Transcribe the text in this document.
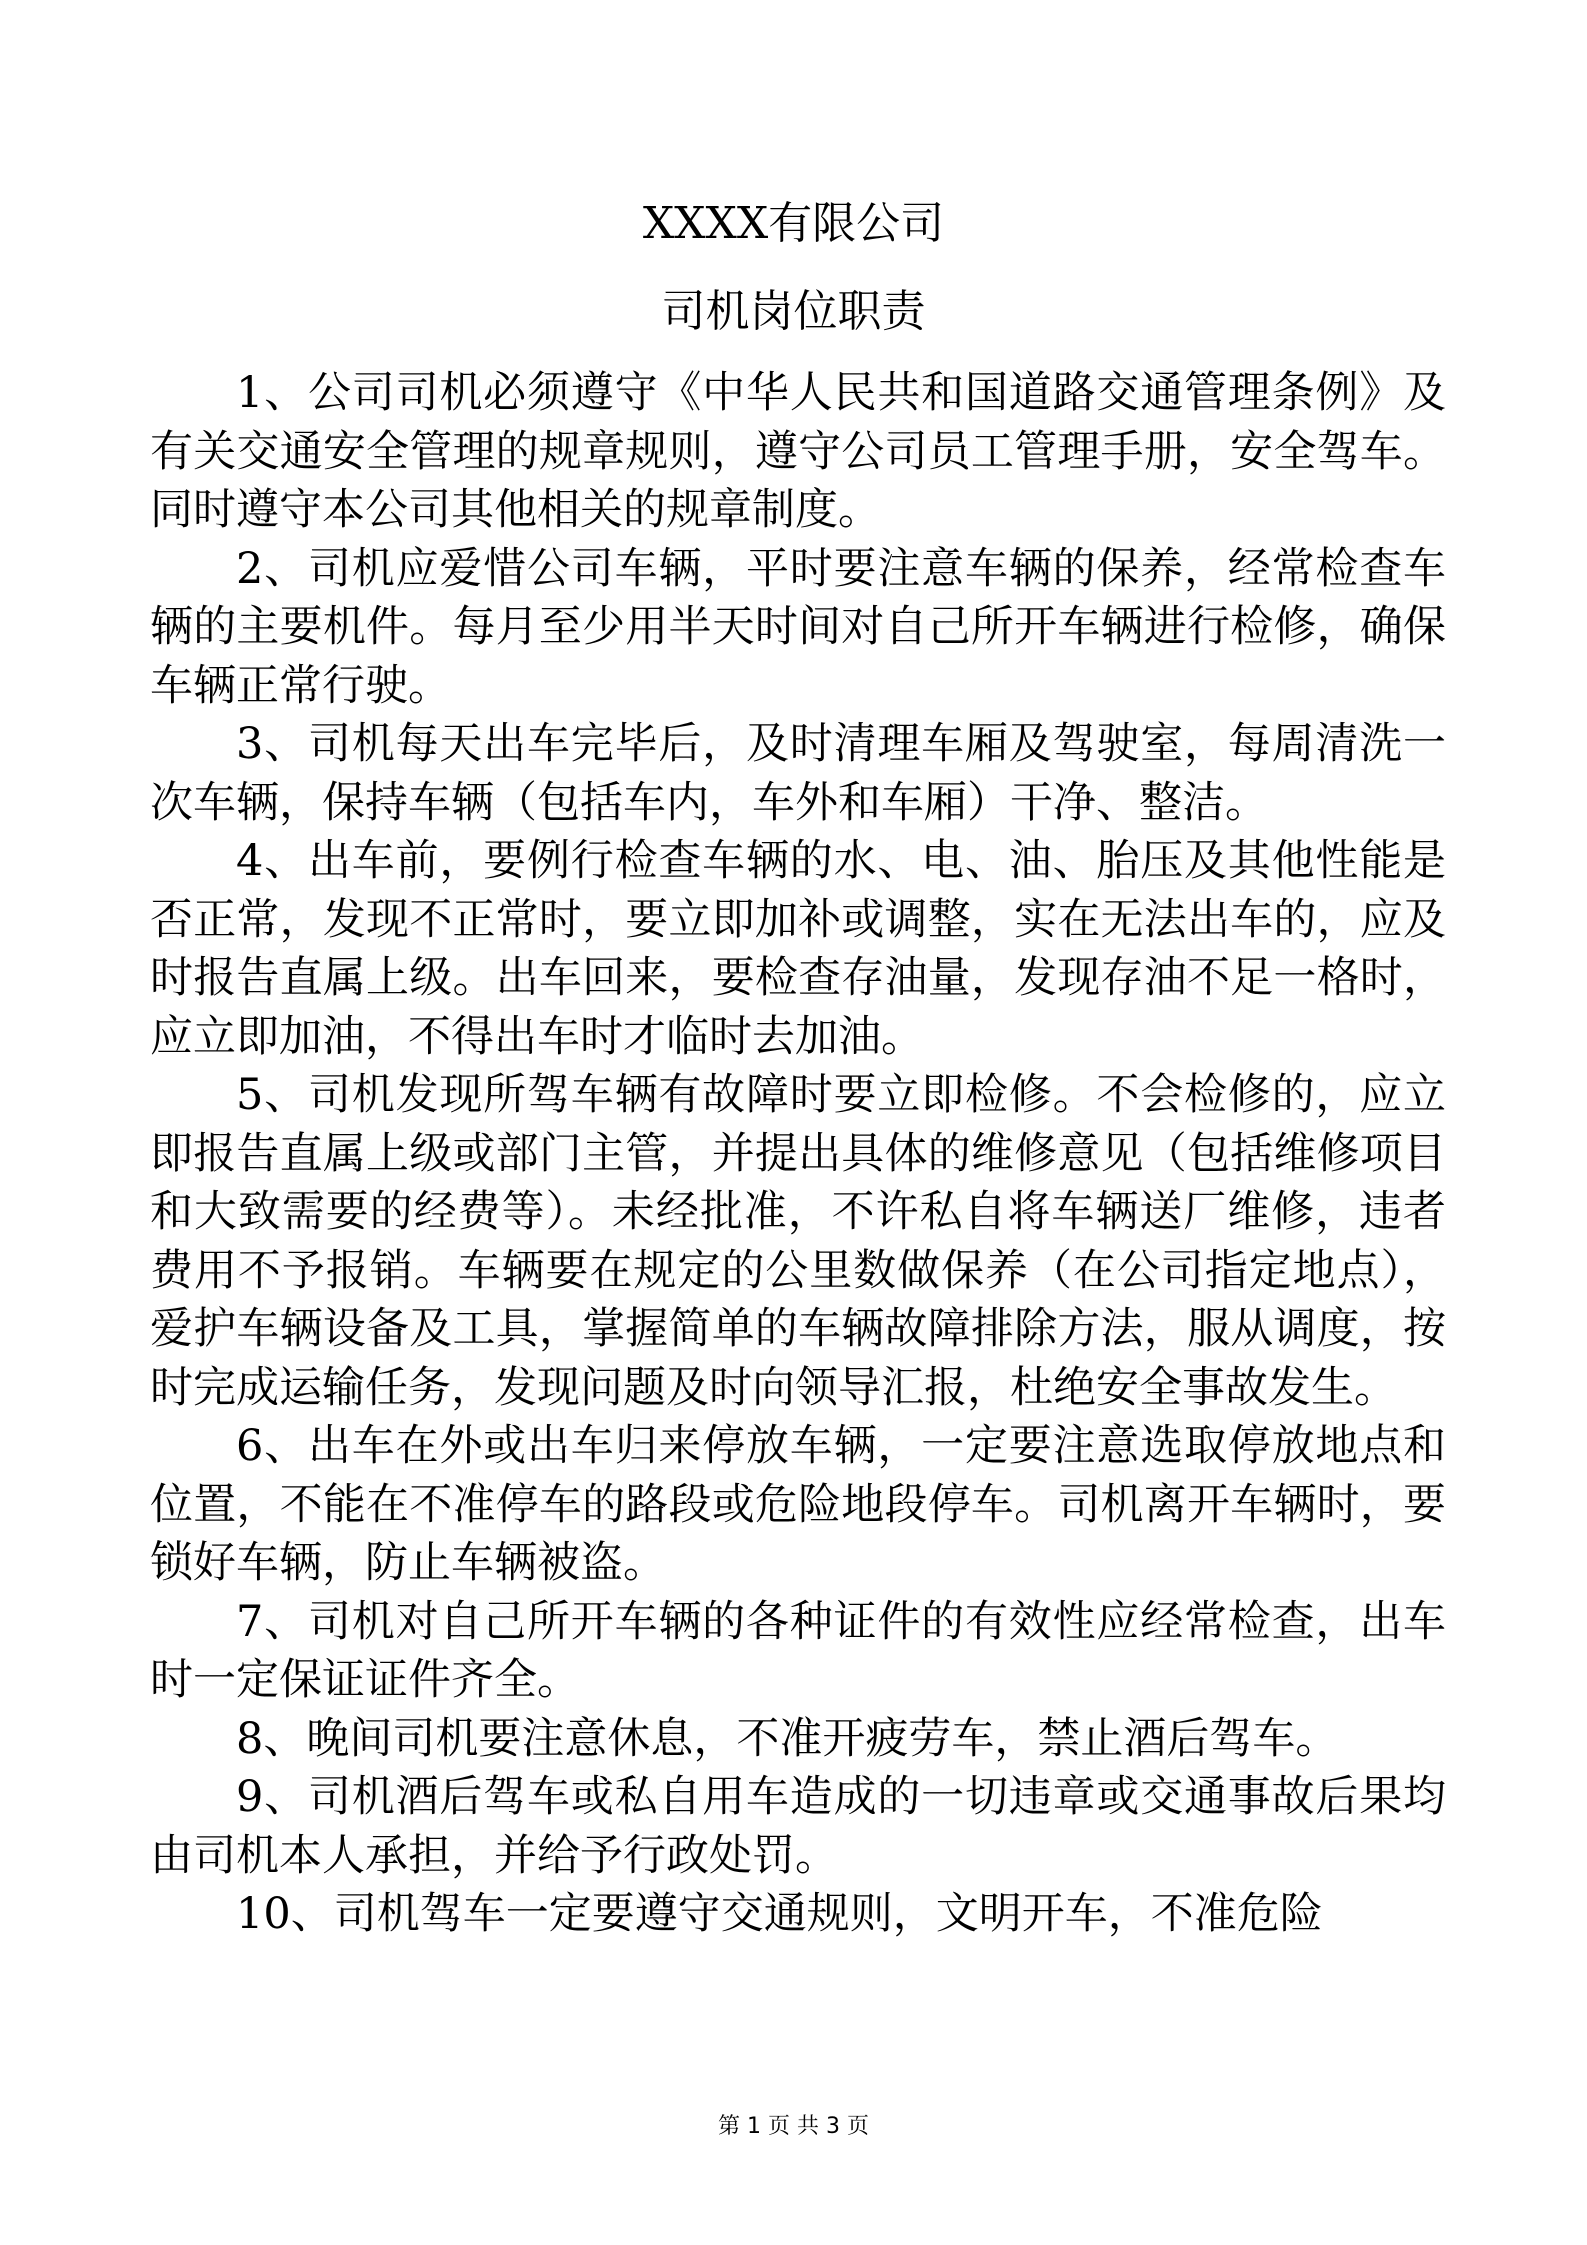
XXXX有限公司
司机岗位职责

1、公司司机必须遵守《中华人民共和国道路交通管理条例》及有关交通安全管理的规章规则，遵守公司员工管理手册，安全驾车。同时遵守本公司其他相关的规章制度。

2、司机应爱惜公司车辆，平时要注意车辆的保养，经常检查车辆的主要机件。每月至少用半天时间对自己所开车辆进行检修，确保车辆正常行驶。

3、司机每天出车完毕后，及时清理车厢及驾驶室，每周清洗一次车辆，保持车辆（包括车内，车外和车厢）干净、整洁。

4、出车前，要例行检查车辆的水、电、油、胎压及其他性能是否正常，发现不正常时，要立即加补或调整，实在无法出车的，应及时报告直属上级。出车回来，要检查存油量，发现存油不足一格时，应立即加油，不得出车时才临时去加油。

5、司机发现所驾车辆有故障时要立即检修。不会检修的，应立即报告直属上级或部门主管，并提出具体的维修意见（包括维修项目和大致需要的经费等）。未经批准，不许私自将车辆送厂维修，违者费用不予报销。车辆要在规定的公里数做保养（在公司指定地点），爱护车辆设备及工具，掌握简单的车辆故障排除方法，服从调度，按时完成运输任务，发现问题及时向领导汇报，杜绝安全事故发生。

6、出车在外或出车归来停放车辆，一定要注意选取停放地点和位置，不能在不准停车的路段或危险地段停车。司机离开车辆时，要锁好车辆，防止车辆被盗。

7、司机对自己所开车辆的各种证件的有效性应经常检查，出车时一定保证证件齐全。

8、晚间司机要注意休息，不准开疲劳车，禁止酒后驾车。

9、司机酒后驾车或私自用车造成的一切违章或交通事故后果均由司机本人承担，并给予行政处罚。

10、司机驾车一定要遵守交通规则，文明开车，不准危险

第 1 页 共 3 页
